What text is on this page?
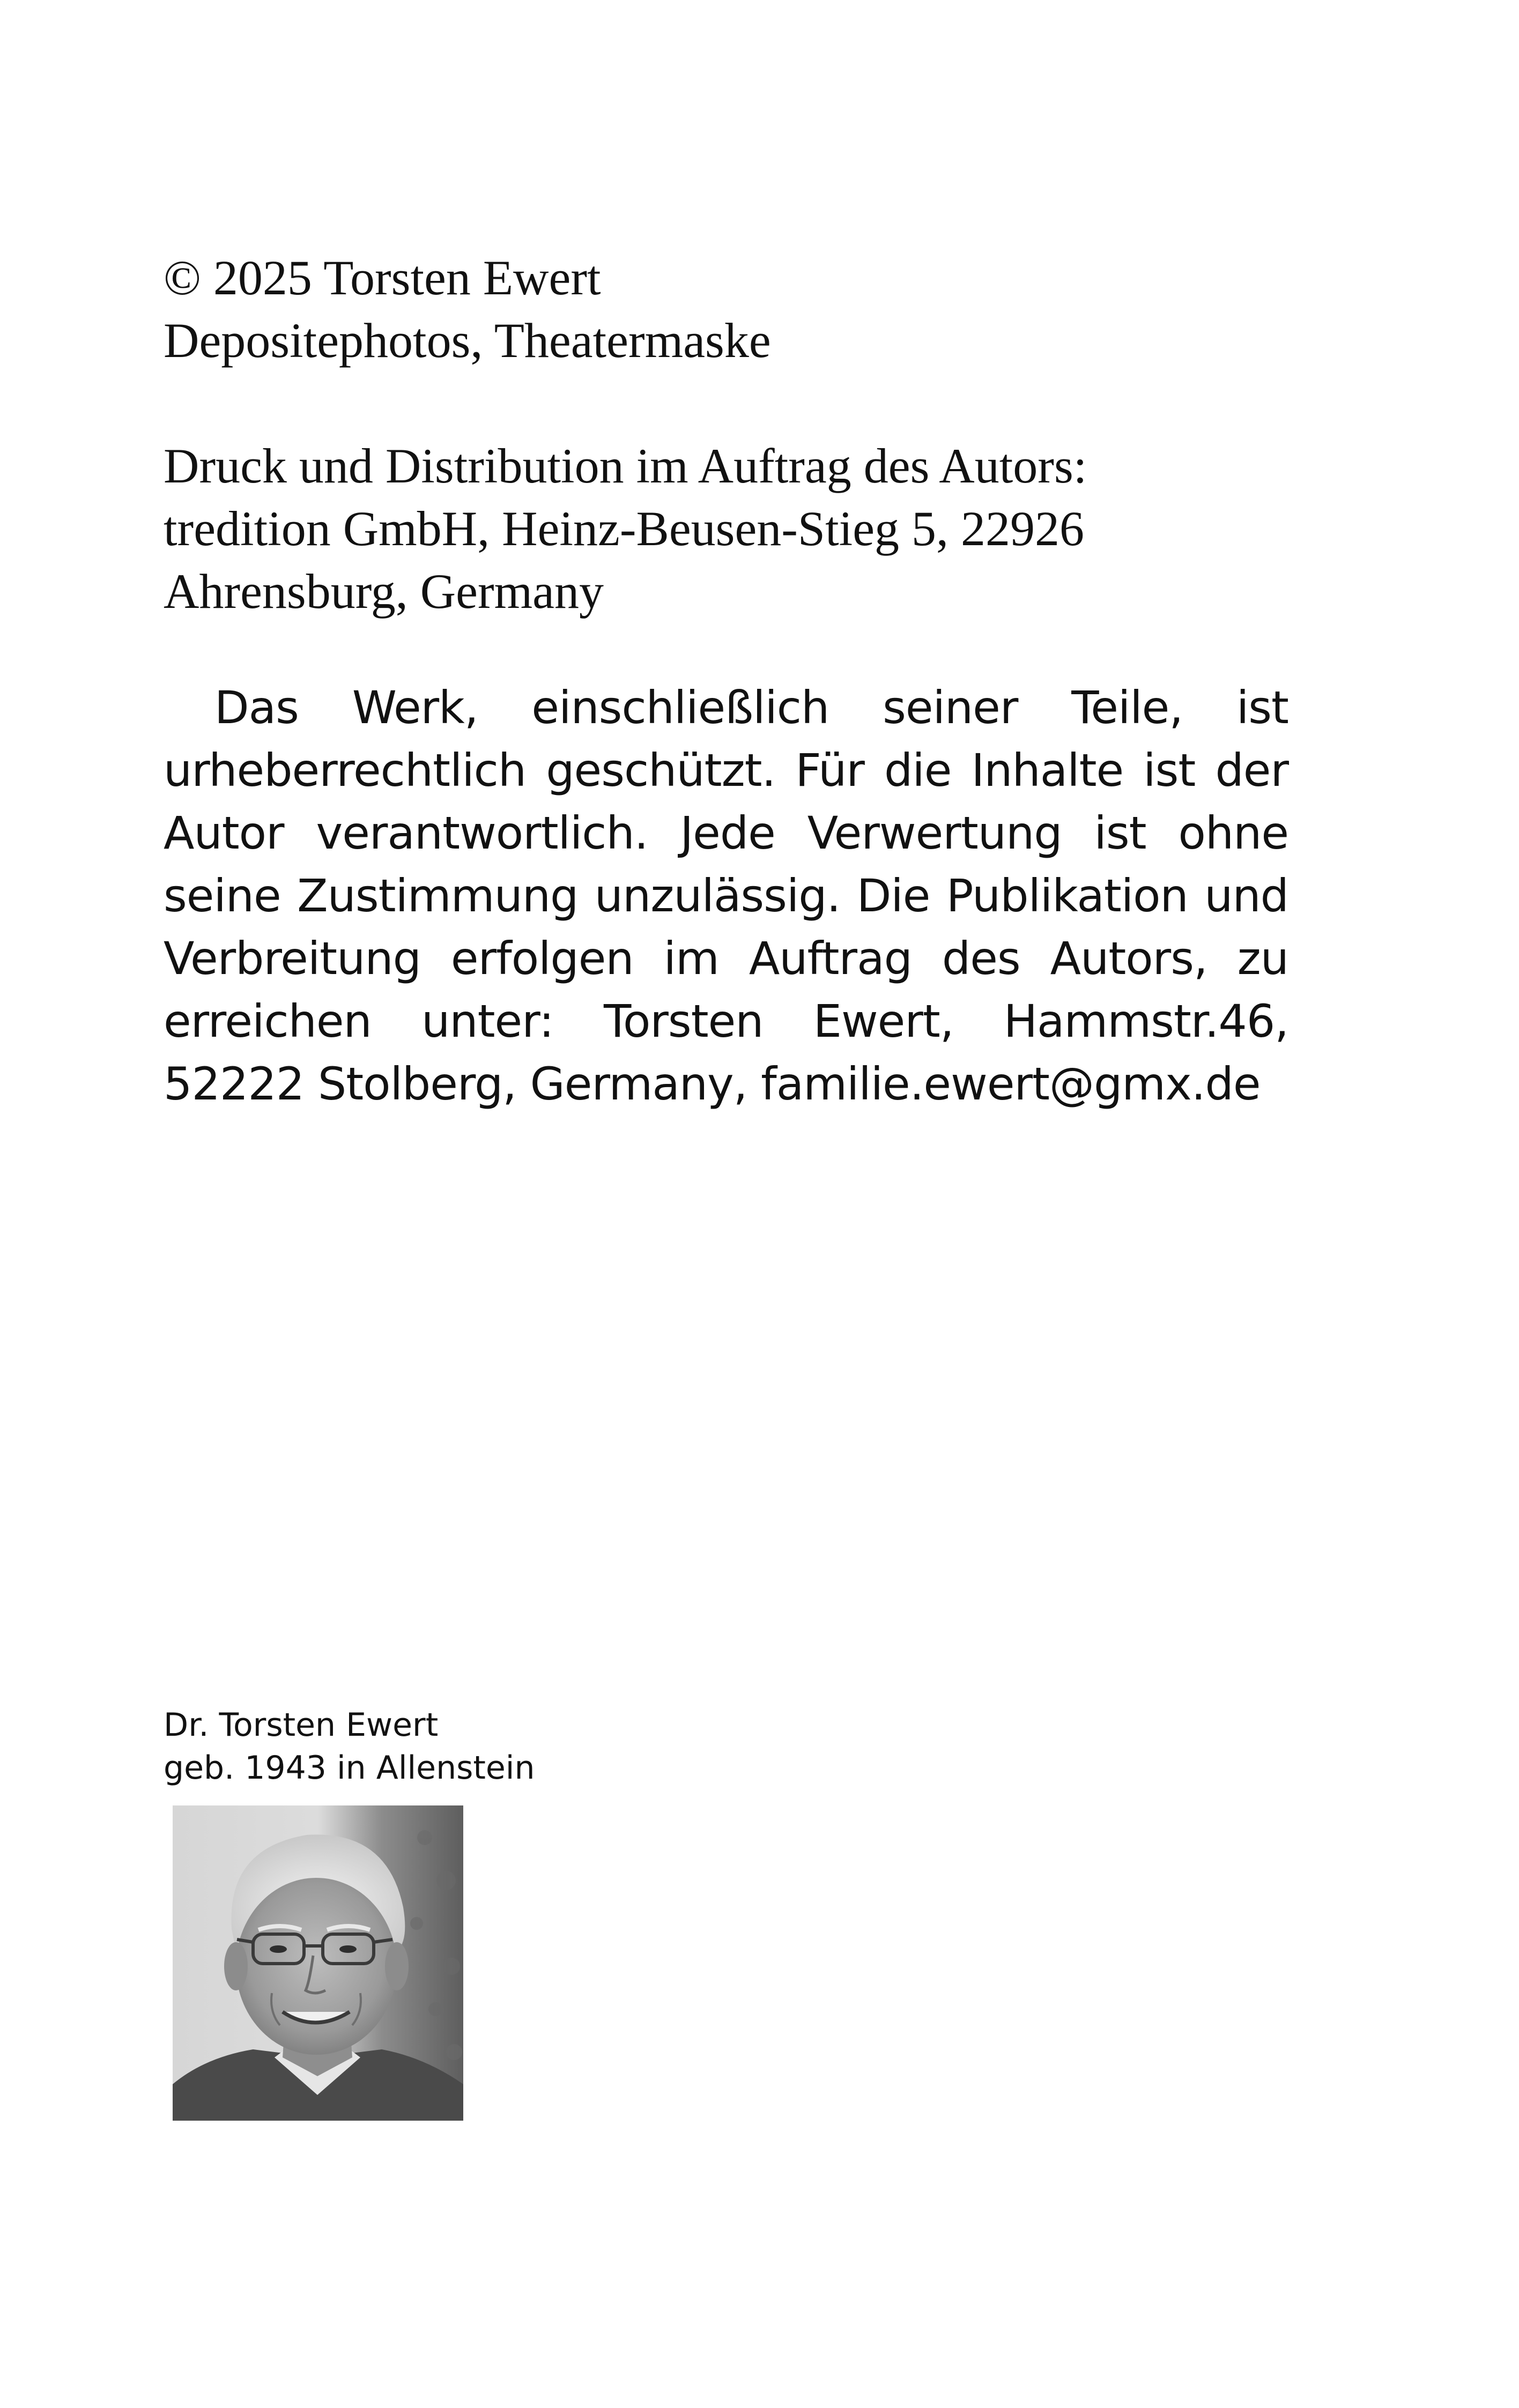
© 2025 Torsten Ewert

Depositephotos, Theatermaske

Druck und Distribution im Auftrag des Autors:

tredition GmbH, Heinz-Beusen-Stieg 5, 22926

Ahrensburg, Germany

Das Werk, einschließlich seiner Teile, ist urheberrechtlich geschützt. Für die Inhalte ist der Autor verantwortlich. Jede Verwertung ist ohne seine Zustimmung unzulässig. Die Publikation und Verbreitung erfolgen im Auftrag des Autors, zu erreichen unter: Torsten Ewert, Hammstr.46, 52222 Stolberg, Germany, familie.ewert@gmx.de

Dr. Torsten Ewert

geb. 1943 in Allenstein
